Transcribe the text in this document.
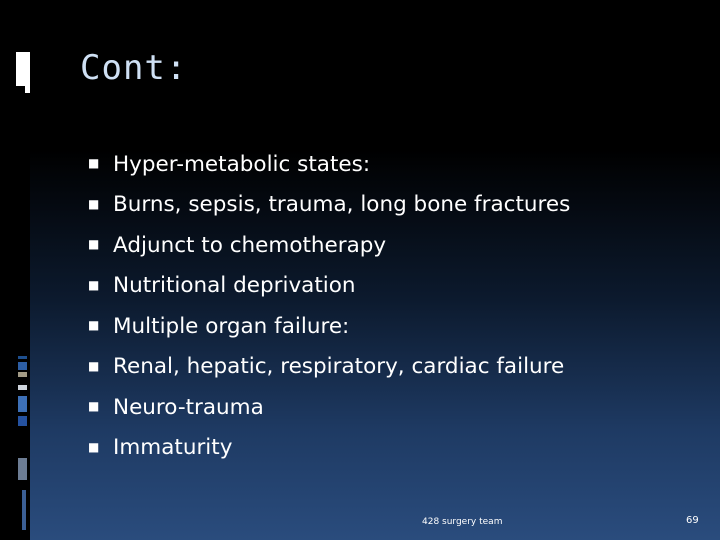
Cont:
■ Hyper-metabolic states:
■ Burns, sepsis, trauma, long bone fractures
■ Adjunct to chemotherapy
■ Nutritional deprivation
■ Multiple organ failure:
■ Renal, hepatic, respiratory, cardiac failure
■ Neuro-trauma
■ Immaturity
428 surgery team	69
